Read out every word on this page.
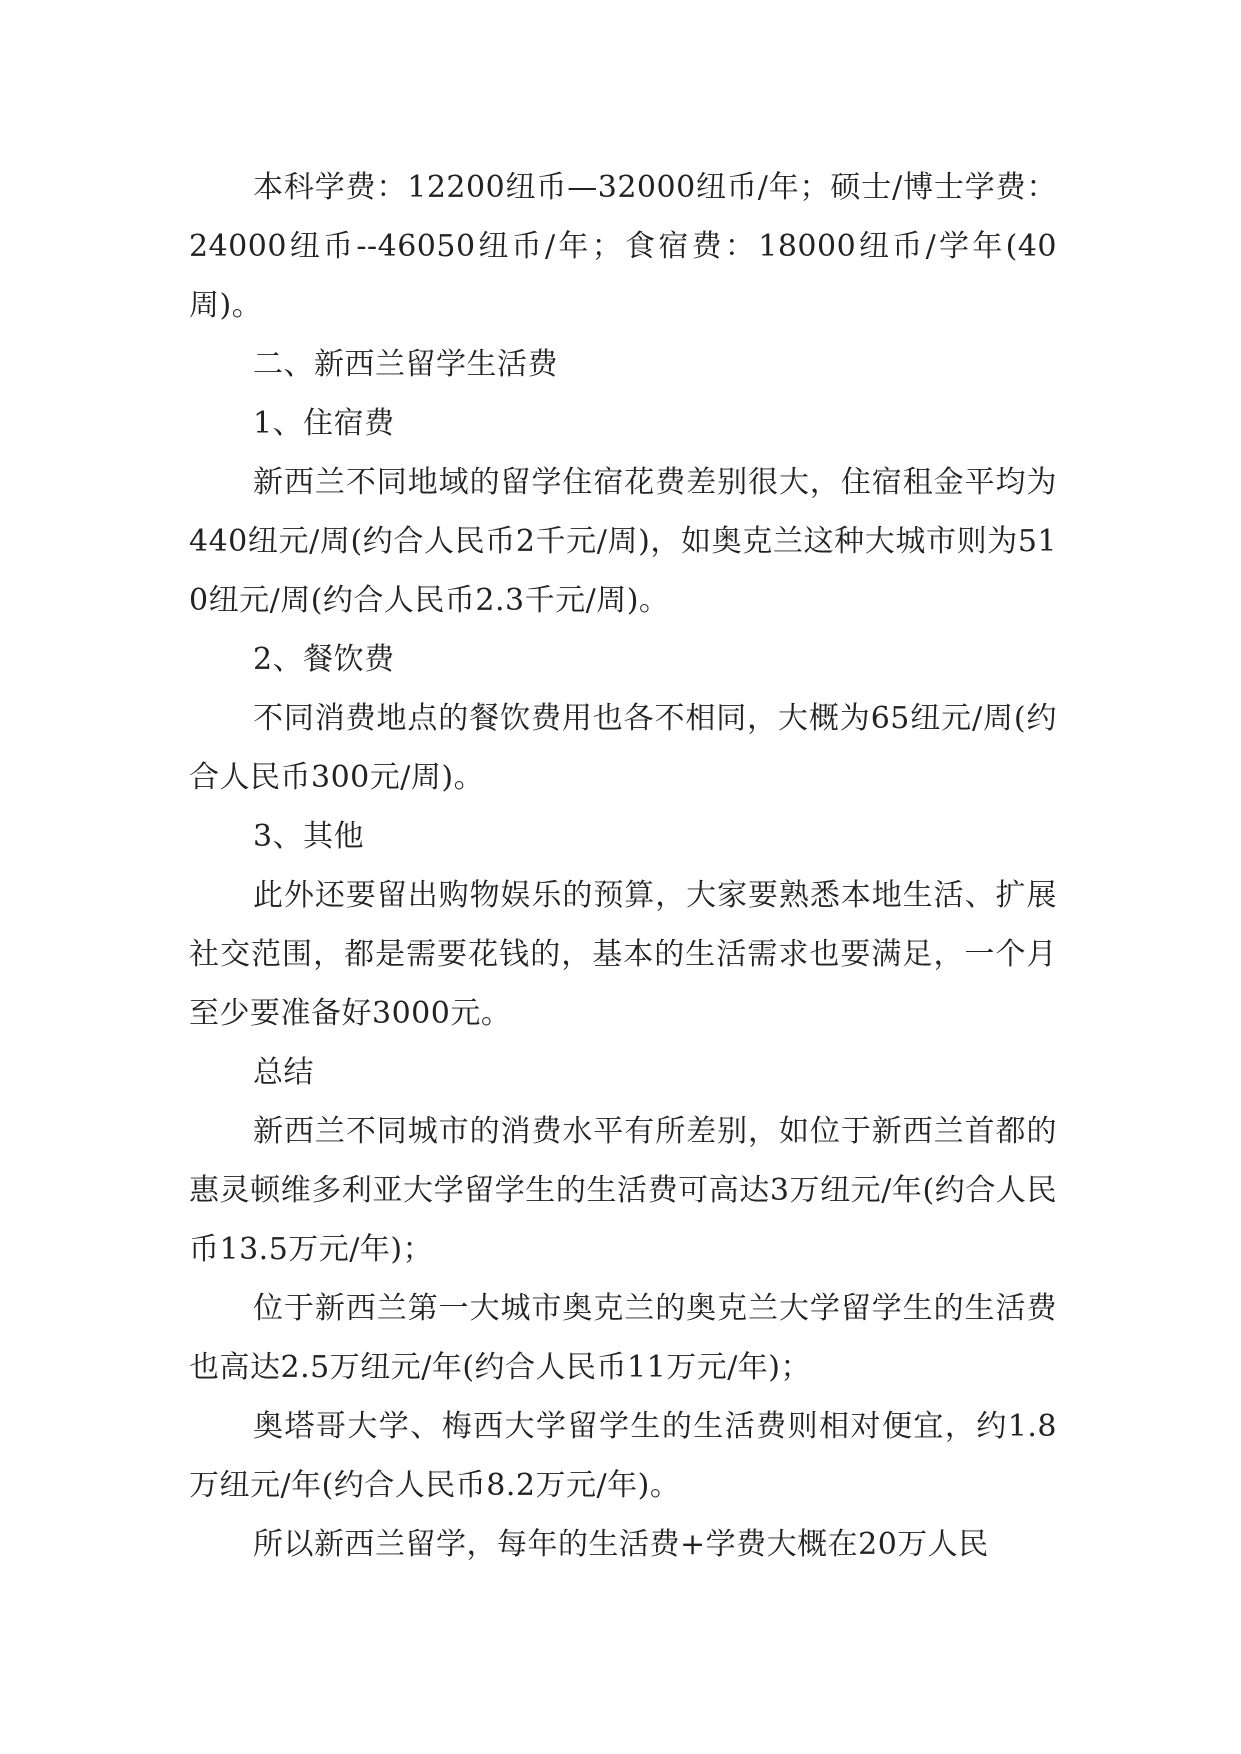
本科学费：12200纽币—32000纽币/年；硕士/博士学费：24000纽币--46050纽币/年；食宿费：18000纽币/学年(40周)。

二、新西兰留学生活费

1、住宿费

新西兰不同地域的留学住宿花费差别很大，住宿租金平均为440纽元/周(约合人民币2千元/周)，如奥克兰这种大城市则为510纽元/周(约合人民币2.3千元/周)。

2、餐饮费

不同消费地点的餐饮费用也各不相同，大概为65纽元/周(约合人民币300元/周)。

3、其他

此外还要留出购物娱乐的预算，大家要熟悉本地生活、扩展社交范围，都是需要花钱的，基本的生活需求也要满足，一个月至少要准备好3000元。

总结

新西兰不同城市的消费水平有所差别，如位于新西兰首都的惠灵顿维多利亚大学留学生的生活费可高达3万纽元/年(约合人民币13.5万元/年)；

位于新西兰第一大城市奥克兰的奥克兰大学留学生的生活费也高达2.5万纽元/年(约合人民币11万元/年)；

奥塔哥大学、梅西大学留学生的生活费则相对便宜，约1.8万纽元/年(约合人民币8.2万元/年)。

所以新西兰留学，每年的生活费+学费大概在20万人民
